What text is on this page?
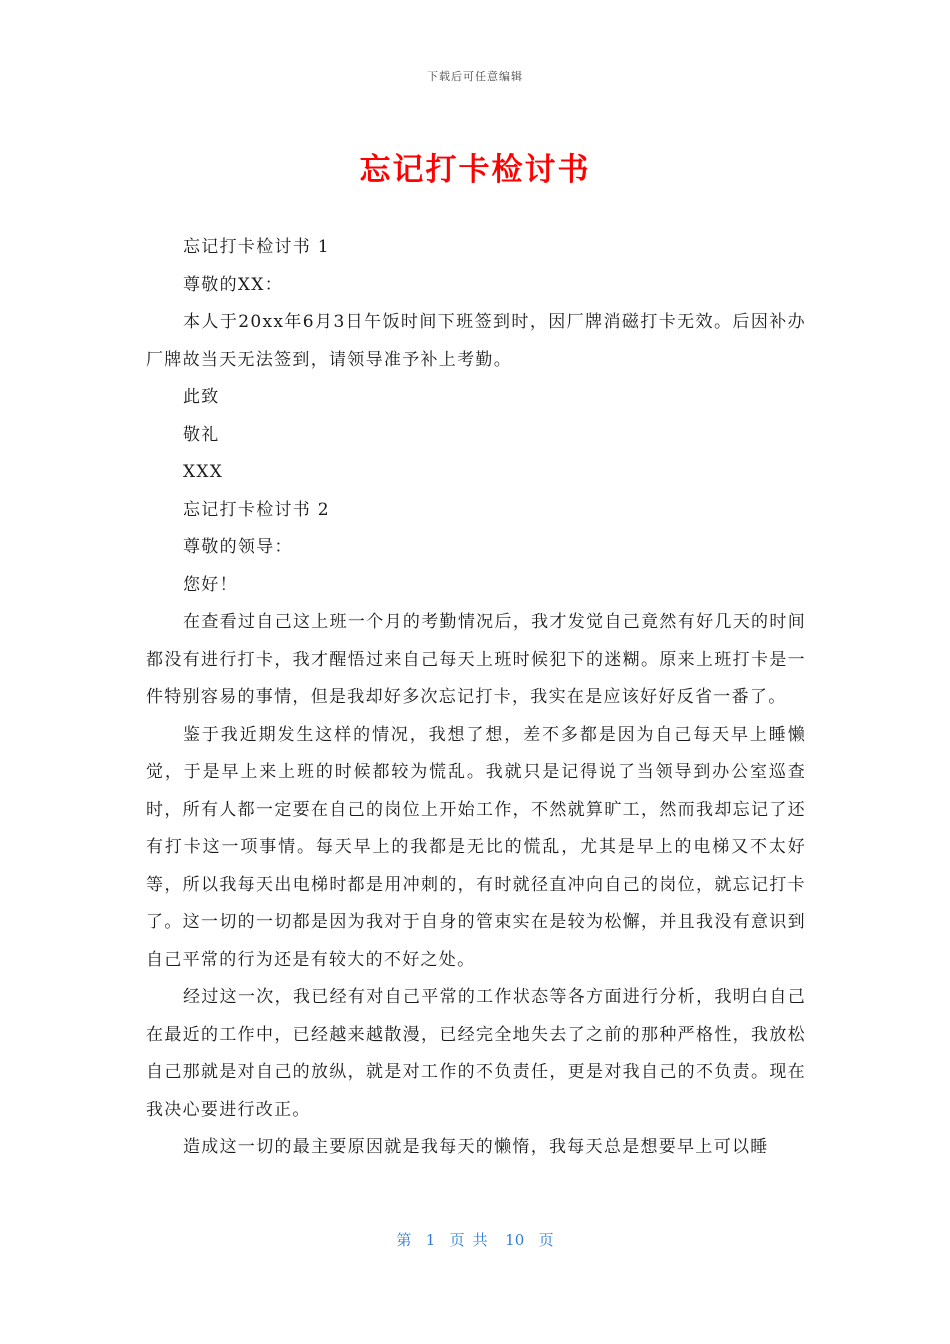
下载后可任意编辑
忘记打卡检讨书

忘记打卡检讨书 1

尊敬的XX：

本人于20xx年6月3日午饭时间下班签到时，因厂牌消磁打卡无效。后因补办厂牌故当天无法签到，请领导准予补上考勤。

此致

敬礼

XXX

忘记打卡检讨书 2

尊敬的领导：

您好！

在查看过自己这上班一个月的考勤情况后，我才发觉自己竟然有好几天的时间都没有进行打卡，我才醒悟过来自己每天上班时候犯下的迷糊。原来上班打卡是一件特别容易的事情，但是我却好多次忘记打卡，我实在是应该好好反省一番了。

鉴于我近期发生这样的情况，我想了想，差不多都是因为自己每天早上睡懒觉，于是早上来上班的时候都较为慌乱。我就只是记得说了当领导到办公室巡查时，所有人都一定要在自己的岗位上开始工作，不然就算旷工，然而我却忘记了还有打卡这一项事情。每天早上的我都是无比的慌乱，尤其是早上的电梯又不太好等，所以我每天出电梯时都是用冲刺的，有时就径直冲向自己的岗位，就忘记打卡了。这一切的一切都是因为我对于自身的管束实在是较为松懈，并且我没有意识到自己平常的行为还是有较大的不好之处。

经过这一次，我已经有对自己平常的工作状态等各方面进行分析，我明白自己在最近的工作中，已经越来越散漫，已经完全地失去了之前的那种严格性，我放松自己那就是对自己的放纵，就是对工作的不负责任，更是对我自己的不负责。现在我决心要进行改正。

造成这一切的最主要原因就是我每天的懒惰，我每天总是想要早上可以睡

第 1 页共 10 页
